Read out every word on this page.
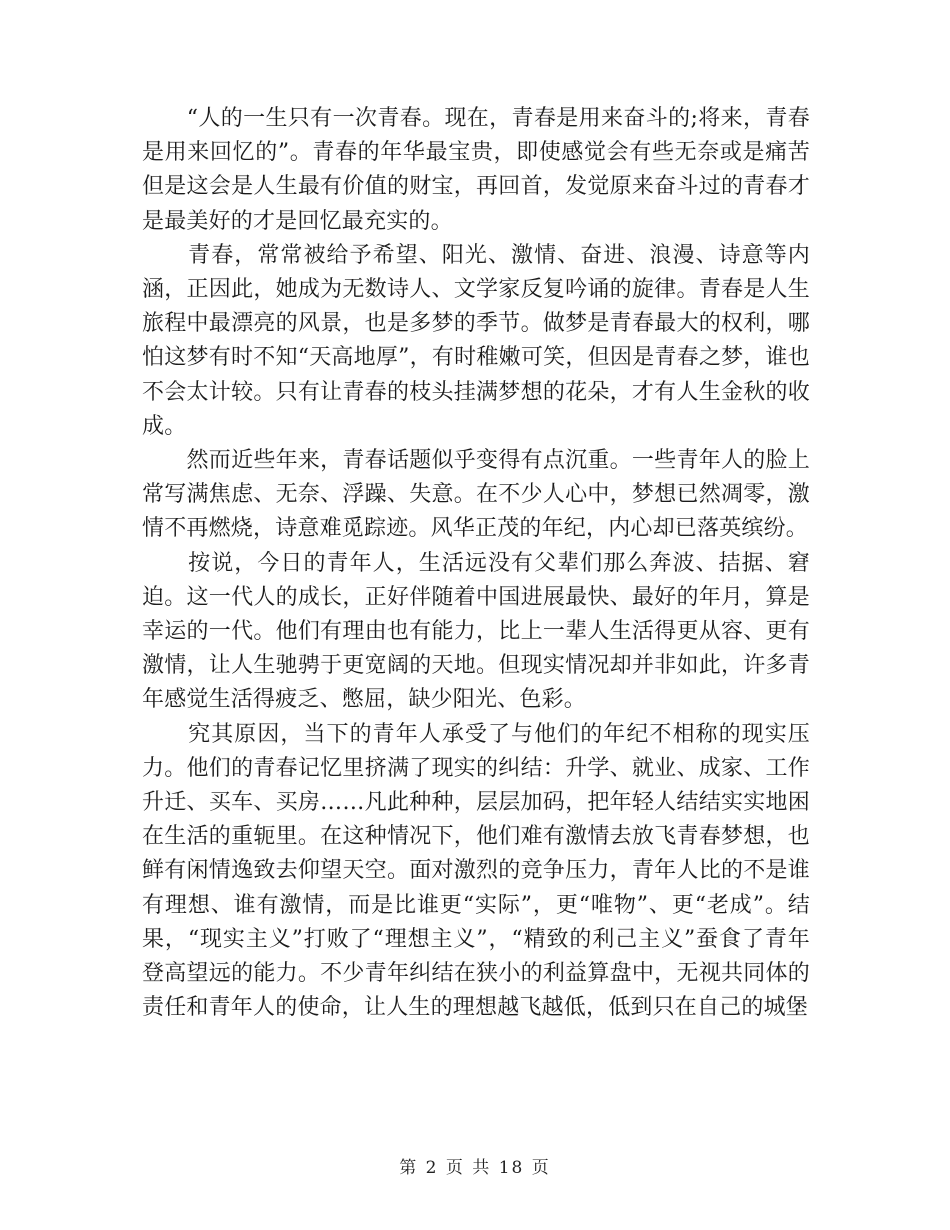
　　“人的一生只有一次青春。现在，青春是用来奋斗的;将来，青春是用来回忆的”。青春的年华最宝贵，即使感觉会有些无奈或是痛苦但是这会是人生最有价值的财宝，再回首，发觉原来奋斗过的青春才是最美好的才是回忆最充实的。

　　青春，常常被给予希望、阳光、激情、奋进、浪漫、诗意等内涵，正因此，她成为无数诗人、文学家反复吟诵的旋律。青春是人生旅程中最漂亮的风景，也是多梦的季节。做梦是青春最大的权利，哪怕这梦有时不知“天高地厚”，有时稚嫩可笑，但因是青春之梦，谁也不会太计较。只有让青春的枝头挂满梦想的花朵，才有人生金秋的收成。

　　然而近些年来，青春话题似乎变得有点沉重。一些青年人的脸上常写满焦虑、无奈、浮躁、失意。在不少人心中，梦想已然凋零，激情不再燃烧，诗意难觅踪迹。风华正茂的年纪，内心却已落英缤纷。

　　按说，今日的青年人，生活远没有父辈们那么奔波、拮据、窘迫。这一代人的成长，正好伴随着中国进展最快、最好的年月，算是幸运的一代。他们有理由也有能力，比上一辈人生活得更从容、更有激情，让人生驰骋于更宽阔的天地。但现实情况却并非如此，许多青年感觉生活得疲乏、憋屈，缺少阳光、色彩。

　　究其原因，当下的青年人承受了与他们的年纪不相称的现实压力。他们的青春记忆里挤满了现实的纠结：升学、就业、成家、工作升迁、买车、买房……凡此种种，层层加码，把年轻人结结实实地困在生活的重轭里。在这种情况下，他们难有激情去放飞青春梦想，也鲜有闲情逸致去仰望天空。面对激烈的竞争压力，青年人比的不是谁有理想、谁有激情，而是比谁更“实际”，更“唯物”、更“老成”。结果，“现实主义”打败了“理想主义”，“精致的利己主义”蚕食了青年登高望远的能力。不少青年纠结在狭小的利益算盘中，无视共同体的责任和青年人的使命，让人生的理想越飞越低，低到只在自己的城堡

第 2 页 共 18 页
